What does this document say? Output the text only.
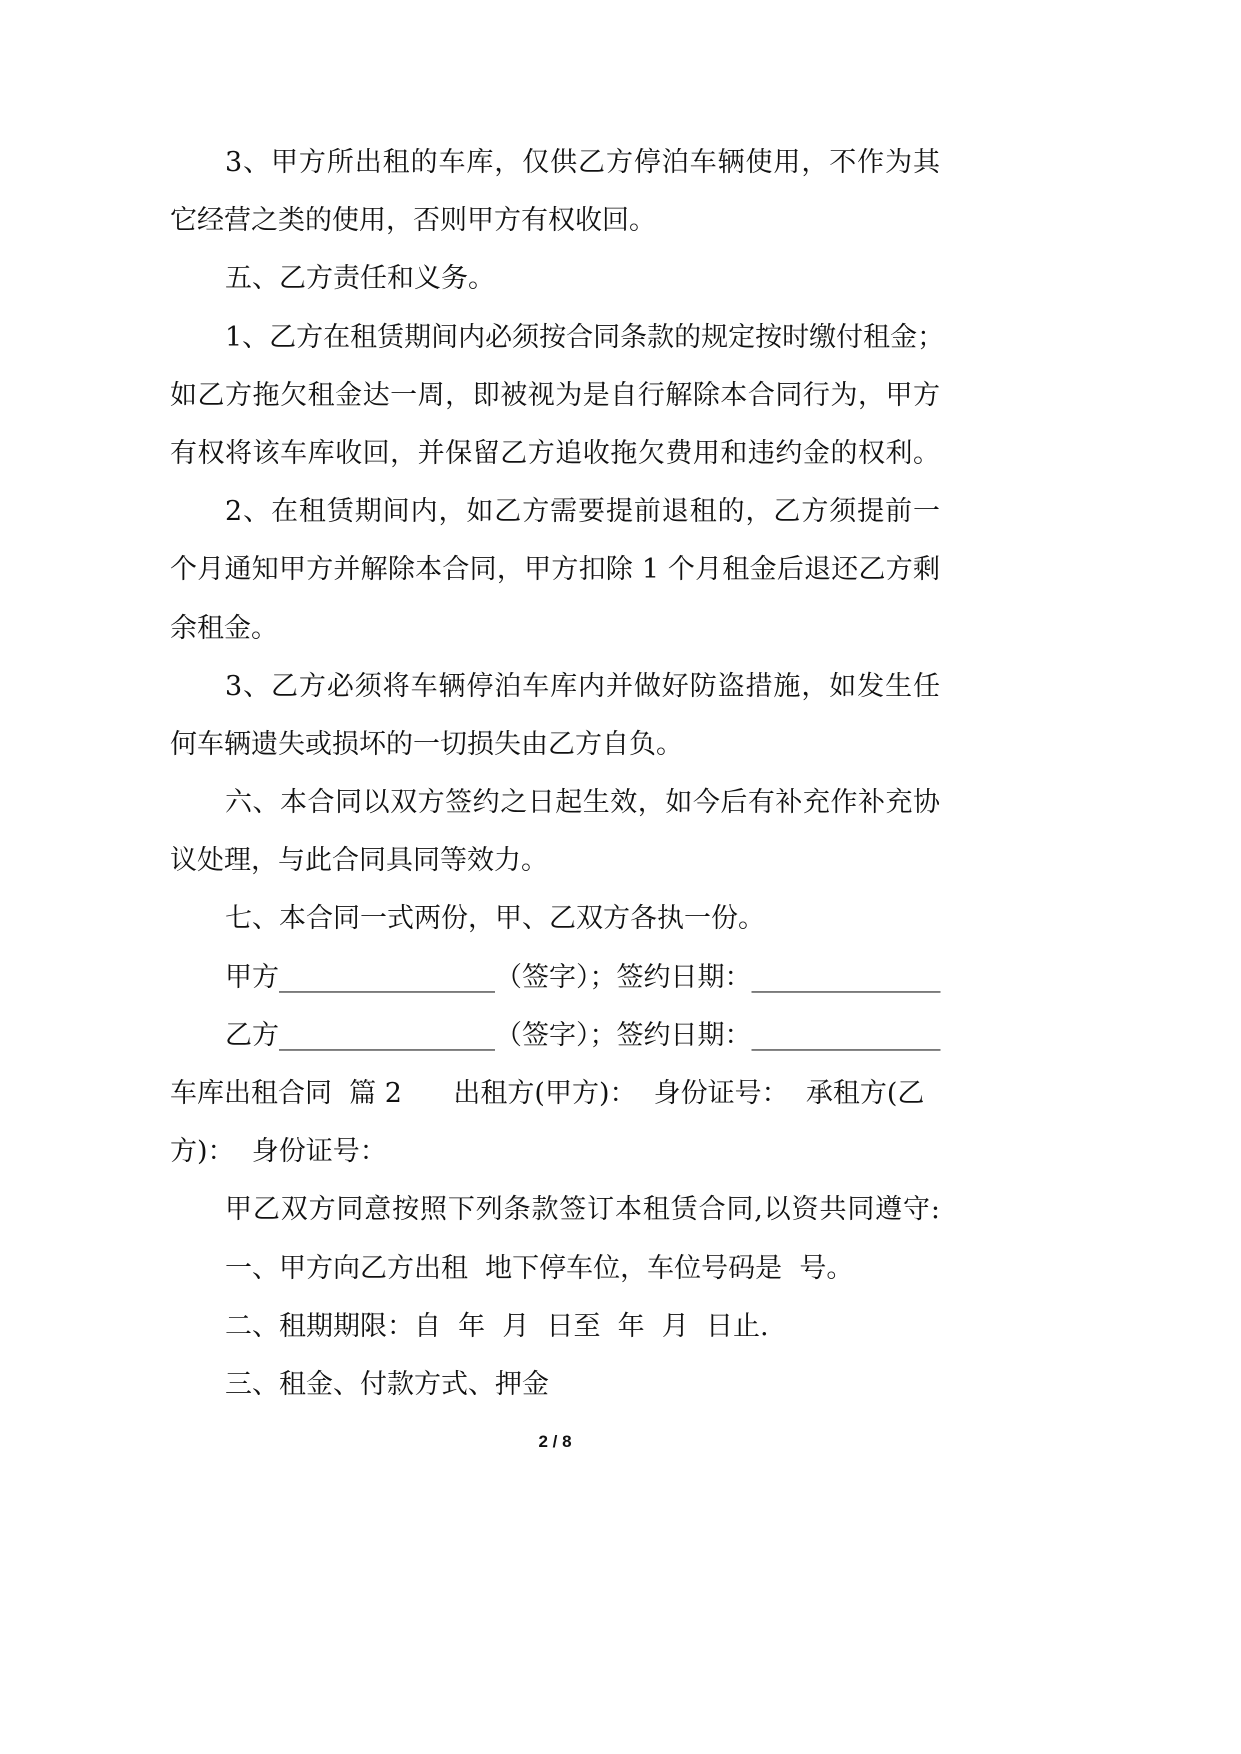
3、甲方所出租的车库，仅供乙方停泊车辆使用，不作为其
它经营之类的使用，否则甲方有权收回。
五、乙方责任和义务。
1、乙方在租赁期间内必须按合同条款的规定按时缴付租金；
如乙方拖欠租金达一周，即被视为是自行解除本合同行为，甲方
有权将该车库收回，并保留乙方追收拖欠费用和违约金的权利。
2、在租赁期间内，如乙方需要提前退租的，乙方须提前一
个月通知甲方并解除本合同，甲方扣除 1 个月租金后退还乙方剩
余租金。
3、乙方必须将车辆停泊车库内并做好防盗措施，如发生任
何车辆遗失或损坏的一切损失由乙方自负。
六、本合同以双方签约之日起生效，如今后有补充作补充协
议处理，与此合同具同等效力。
七、本合同一式两份，甲、乙双方各执一份。
甲方________________（签字）；签约日期：______________
乙方________________（签字）；签约日期：______________
车库出租合同  篇 2      出租方(甲方)：  身份证号：  承租方(乙
方)：  身份证号：
甲乙双方同意按照下列条款签订本租赁合同,以资共同遵守:
一、甲方向乙方出租  地下停车位，车位号码是  号。
二、租期期限：自  年  月  日至  年  月  日止.
三、租金、付款方式、押金
2 / 8
